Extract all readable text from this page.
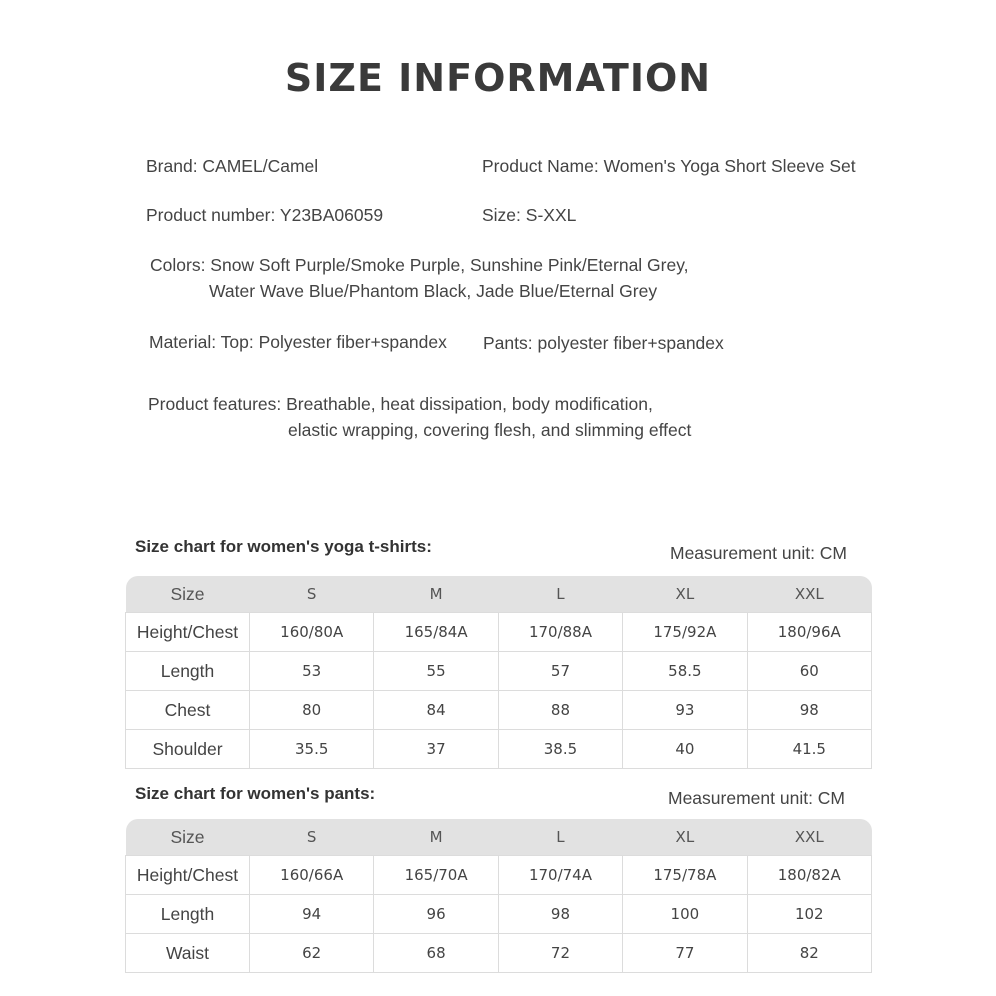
SIZE INFORMATION
Brand: CAMEL/Camel	Product Name: Women's Yoga Short Sleeve Set
Product number: Y23BA06059	Size: S-XXL
Colors: Snow Soft Purple/Smoke Purple, Sunshine Pink/Eternal Grey,
Water Wave Blue/Phantom Black, Jade Blue/Eternal Grey
Material: Top: Polyester fiber+spandex Pants: polyester fiber+spandex
Product features: Breathable, heat dissipation, body modification,
elastic wrapping, covering flesh, and slimming effect
Size chart for women's yoga t-shirts:	Measurement unit: CM
Size	S	M	L	XL	XXL
Height/Chest	160/80A	165/84A	170/88A	175/92A	180/96A
Length	53	55	57	58.5	60
Chest	80	84	88	93	98
Shoulder	35.5	37	38.5	40	41.5
Size chart for women's pants:	Measurement unit: CM
Size	S	M	L	XL	XXL
Height/Chest	160/66A	165/70A	170/74A	175/78A	180/82A
Length	94	96	98	100	102
Waist	62	68	72	77	82
